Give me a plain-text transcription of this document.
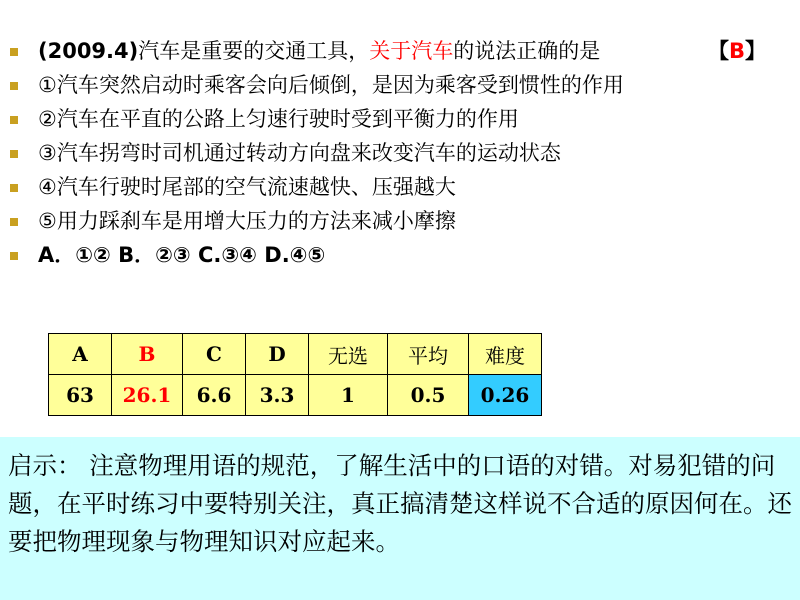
(2009.4)汽车是重要的交通工具，关于汽车的说法正确的是	【B】
①汽车突然启动时乘客会向后倾倒，是因为乘客受到惯性的作用
②汽车在平直的公路上匀速行驶时受到平衡力的作用
③汽车拐弯时司机通过转动方向盘来改变汽车的运动状态
④汽车行驶时尾部的空气流速越快、压强越大
⑤用力踩刹车是用增大压力的方法来减小摩擦
A．①② B．②③ C.③④ D.④⑤
A	B	C	D	无选	平均	难度
63	26.1	6.6	3.3	1	0.5	0.26
启示： 注意物理用语的规范，了解生活中的口语的对错。对易犯错的问题，在平时练习中要特别关注，真正搞清楚这样说不合适的原因何在。还要把物理现象与物理知识对应起来。
